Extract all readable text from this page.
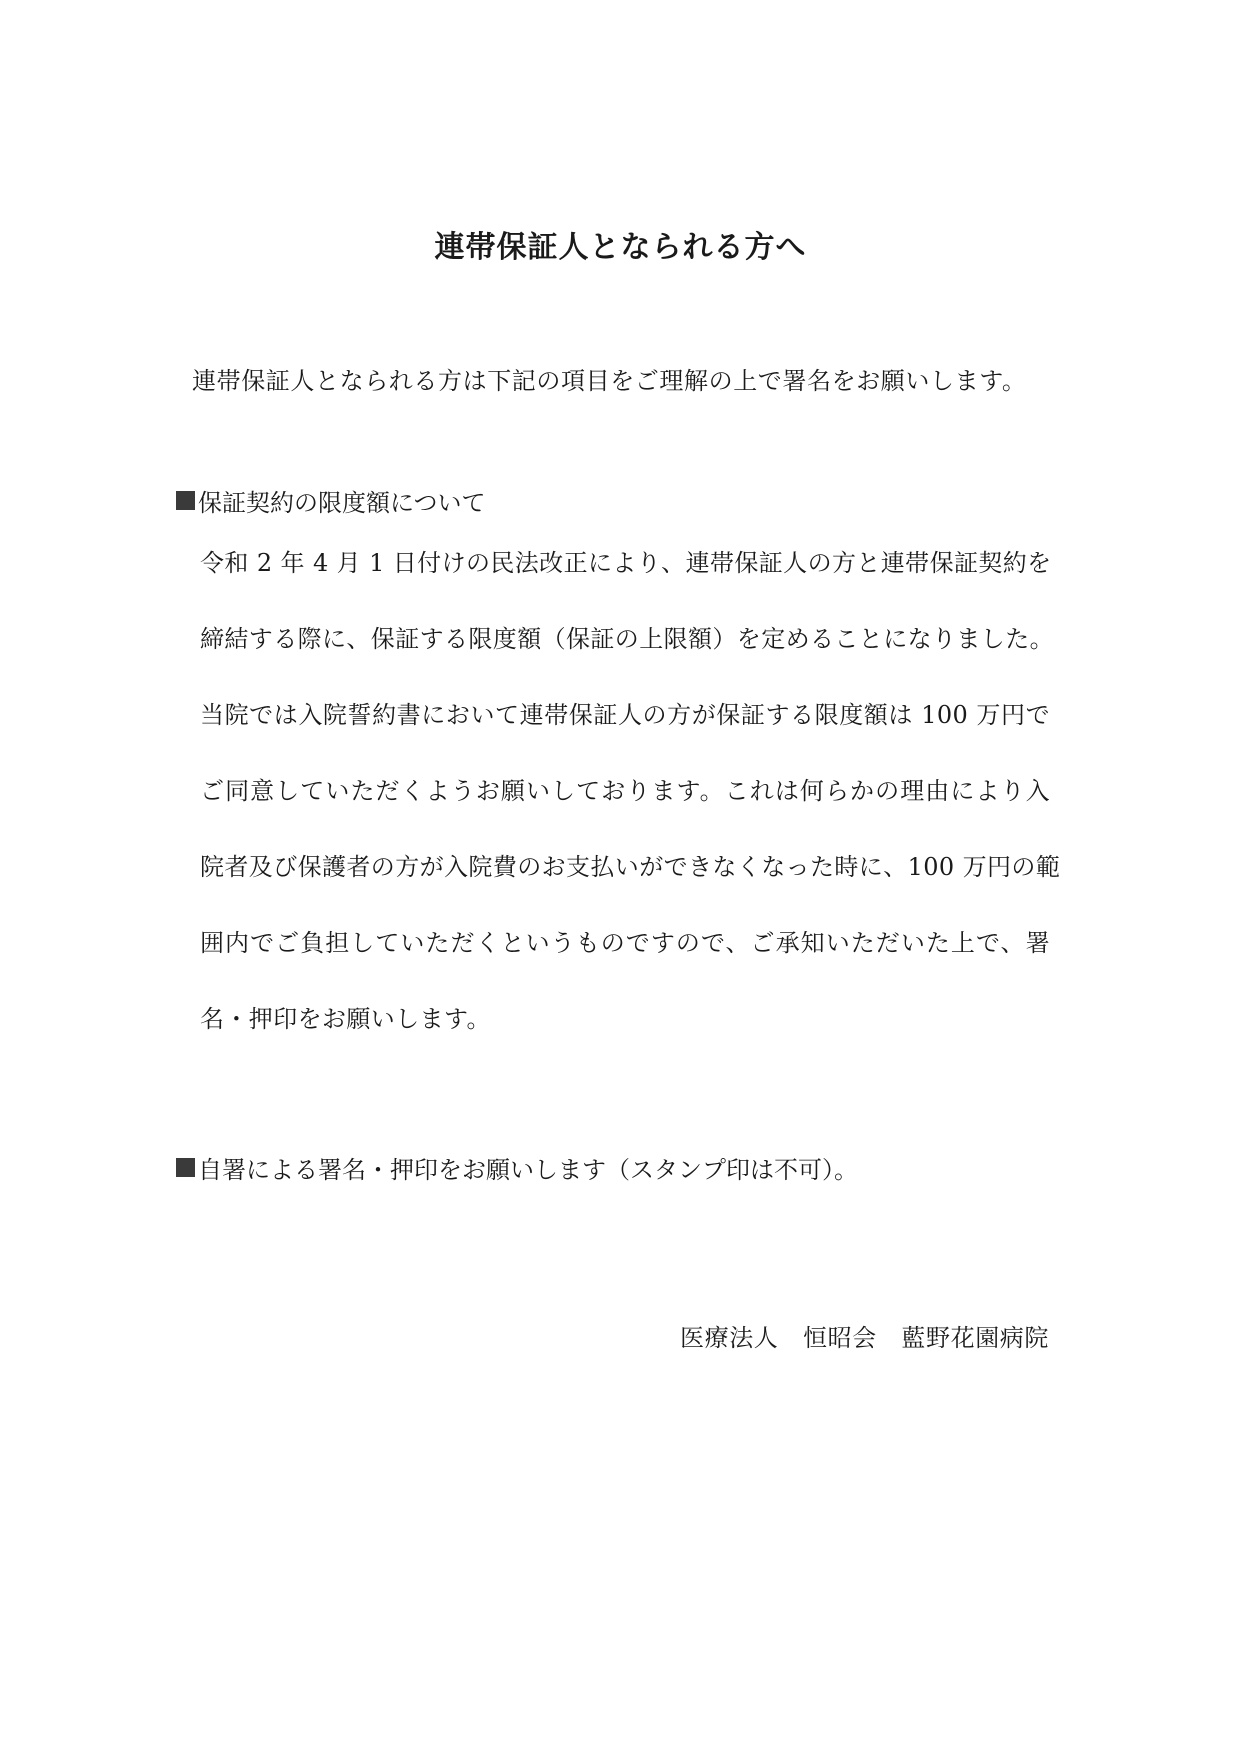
連帯保証人となられる方へ
連帯保証人となられる方は下記の項目をご理解の上で署名をお願いします。
保証契約の限度額について
令和 2 年 4 月 1 日付けの民法改正により、連帯保証人の方と連帯保証契約を
締結する際に、保証する限度額（保証の上限額）を定めることになりました。
当院では入院誓約書において連帯保証人の方が保証する限度額は 100 万円で
ご同意していただくようお願いしております。これは何らかの理由により入
院者及び保護者の方が入院費のお支払いができなくなった時に、100 万円の範
囲内でご負担していただくというものですので、ご承知いただいた上で、署
名・押印をお願いします。
自署による署名・押印をお願いします（スタンプ印は不可）。
医療法人　恒昭会　藍野花園病院
